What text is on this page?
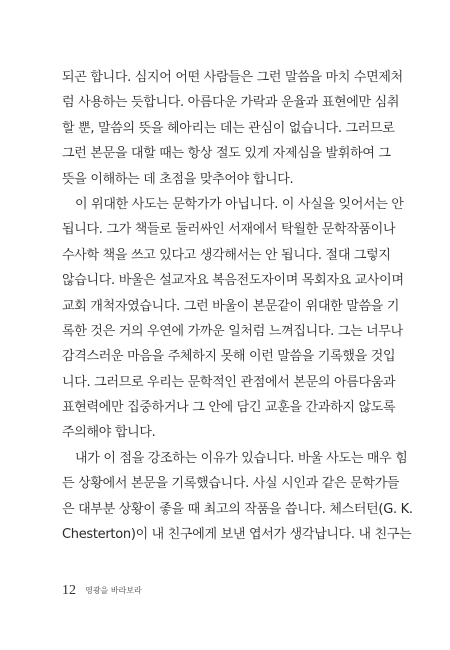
되곤 합니다. 심지어 어떤 사람들은 그런 말씀을 마치 수면제처
럼 사용하는 듯합니다. 아름다운 가락과 운율과 표현에만 심취
할 뿐, 말씀의 뜻을 헤아리는 데는 관심이 없습니다. 그러므로
그런 본문을 대할 때는 항상 절도 있게 자제심을 발휘하여 그
뜻을 이해하는 데 초점을 맞추어야 합니다.
이 위대한 사도는 문학가가 아닙니다. 이 사실을 잊어서는 안
됩니다. 그가 책들로 둘러싸인 서재에서 탁월한 문학작품이나
수사학 책을 쓰고 있다고 생각해서는 안 됩니다. 절대 그렇지
않습니다. 바울은 설교자요 복음전도자이며 목회자요 교사이며
교회 개척자였습니다. 그런 바울이 본문같이 위대한 말씀을 기
록한 것은 거의 우연에 가까운 일처럼 느껴집니다. 그는 너무나
감격스러운 마음을 주체하지 못해 이런 말씀을 기록했을 것입
니다. 그러므로 우리는 문학적인 관점에서 본문의 아름다움과
표현력에만 집중하거나 그 안에 담긴 교훈을 간과하지 않도록
주의해야 합니다.
내가 이 점을 강조하는 이유가 있습니다. 바울 사도는 매우 힘
든 상황에서 본문을 기록했습니다. 사실 시인과 같은 문학가들
은 대부분 상황이 좋을 때 최고의 작품을 씁니다. 체스터턴(G. K.
Chesterton)이 내 친구에게 보낸 엽서가 생각납니다. 내 친구는
12 영광을 바라보라
